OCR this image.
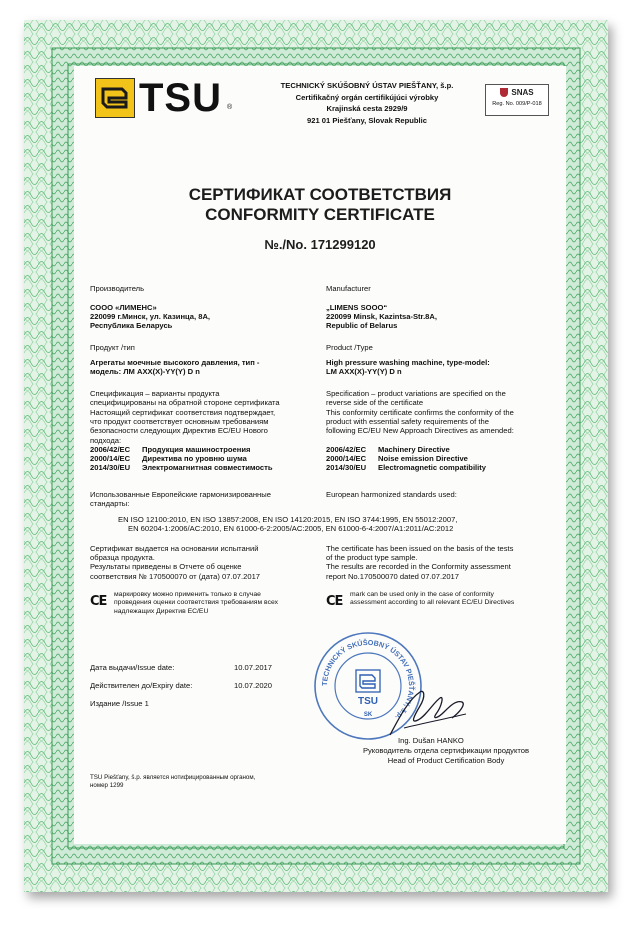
TSU ®
TECHNICKÝ SKÚŠOBNÝ ÚSTAV PIEŠŤANY, š.p.
Certifikačný orgán certifikújúci výrobky
Krajinská cesta 2929/9
921 01 Piešťany, Slovak Republic
SNAS
Reg. No. 009/P-018
СЕРТИФИКАТ СООТВЕТСТВИЯ
CONFORMITY CERTIFICATE
№./No. 171299120
Производитель	Manufacturer
СООО «ЛИМЕНС»
220099 г.Минск, ул. Казинца, 8А,
Республика Беларусь
„LIMENS SOOO“
220099 Minsk, Kazintsa-Str.8A,
Republic of Belarus
Продукт /тип	Product /Type
Агрегаты моечные высокого давления, тип -
модель: ЛМ AXX(X)-YY(Y) D n
High pressure washing machine, type-model:
LM AXX(X)-YY(Y) D n
Спецификация – варианты продукта
специфицированы на обратной стороне сертификата
Specification – product variations are specified on the
reverse side of the certificate
Настоящий сертификат соответствия подтверждает,
что продукт соответствует основным требованиям
безопасности следующих Директив ЕС/EU Нового
подхода:
This conformity certificate confirms the conformity of the
product with essential safety requirements of the
following EC/EU New Approach Directives as amended:
2006/42/EC Продукция машиностроения
2000/14/EC Директива по уровню шума
2014/30/EU Электромагнитная совместимость
2006/42/EC Machinery Directive
2000/14/EC Noise emission Directive
2014/30/EU Electromagnetic compatibility
Использованные Европейские гармонизированные
стандарты:
European harmonized standards used:
EN ISO 12100:2010, EN ISO 13857:2008, EN ISO 14120:2015, EN ISO 3744:1995, EN 55012:2007,
EN 60204-1:2006/AC:2010, EN 61000-6-2:2005/AC:2005, EN 61000-6-4:2007/A1:2011/AC:2012
Сертификат выдается на основании испытаний
образца продукта.
Результаты приведены в Отчете об оценке
соответствия № 170500070 от (дата) 07.07.2017
The certificate has been issued on the basis of the tests
of the product type sample.
The results are recorded in the Conformity assessment
report No.170500070 dated 07.07.2017
CE маркировку можно применить только в случае
проведения оценки соответствия требованиям всех
надлежащих Директив ЕС/EU
CE mark can be used only in the case of conformity
assessment according to all relevant EC/EU Directives
Дата выдачи/Issue date:	10.07.2017
Действителен до/Expiry date:	10.07.2020
Издание /Issue 1
TECHNICKÝ SKÚŠOBNÝ ÚSTAV PIEŠŤANY, š.p.
TSU
SK
Ing. Dušan HANKO
Руководитель отдела сертификации продуктов
Head of Product Certification Body
TSU Piešťany, š.p. является нотифицированным органом,
номер 1299
